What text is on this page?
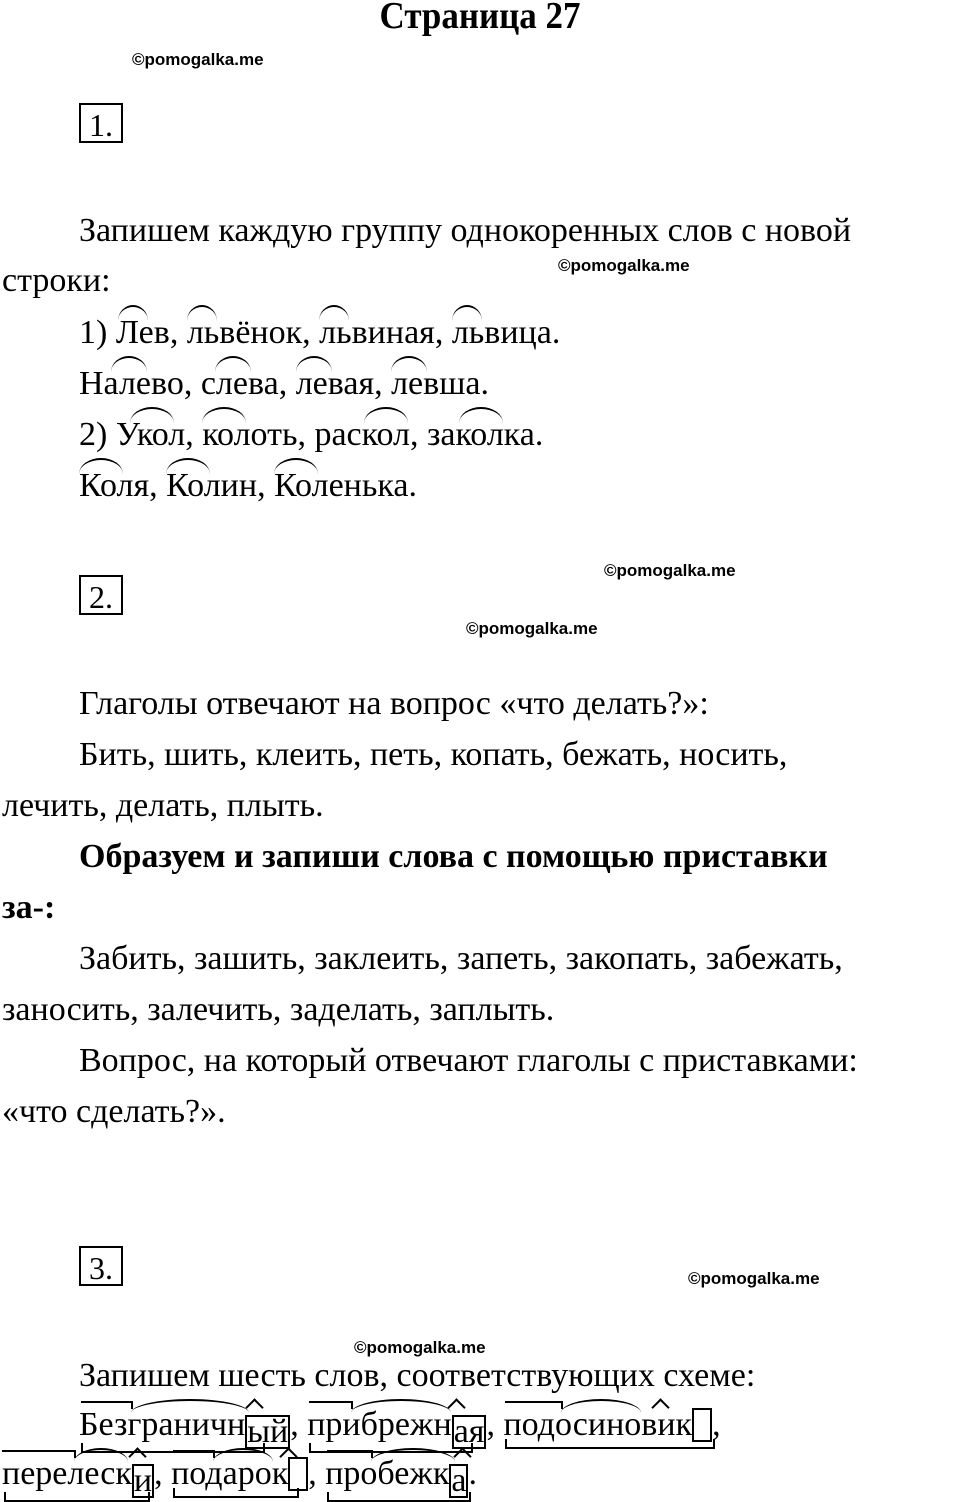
Страница 27
©pomogalka.me
1.
Запишем каждую группу однокоренных слов с новой
строки:	©pomogalka.me
1)
Лев,
львёнок,
львиная,
львица.
Налево,
слева,
левая,
левша.
2)
Укол,
колоть,
раскол,
заколка.
Коля,
Колин,
Коленька.
2.
©pomogalka.me
©pomogalka.me
Глаголы отвечают на вопрос «что делать?»:
Бить, шить, клеить, петь, копать, бежать, носить,
лечить, делать, плыть.
Образуем и запиши слова с помощью приставки
за-:
Забить, зашить, заклеить, запеть, закопать, забежать,
заносить, залечить, заделать, заплыть.
Вопрос, на который отвечают глаголы с приставками:
«что сделать?».
3.	©pomogalka.me
©pomogalka.me
Запишем шесть слов, соответствующих схеме:
Безграничный,
прибрежная,
подосиновик ,
перелески,
подарок ,
пробежка.
